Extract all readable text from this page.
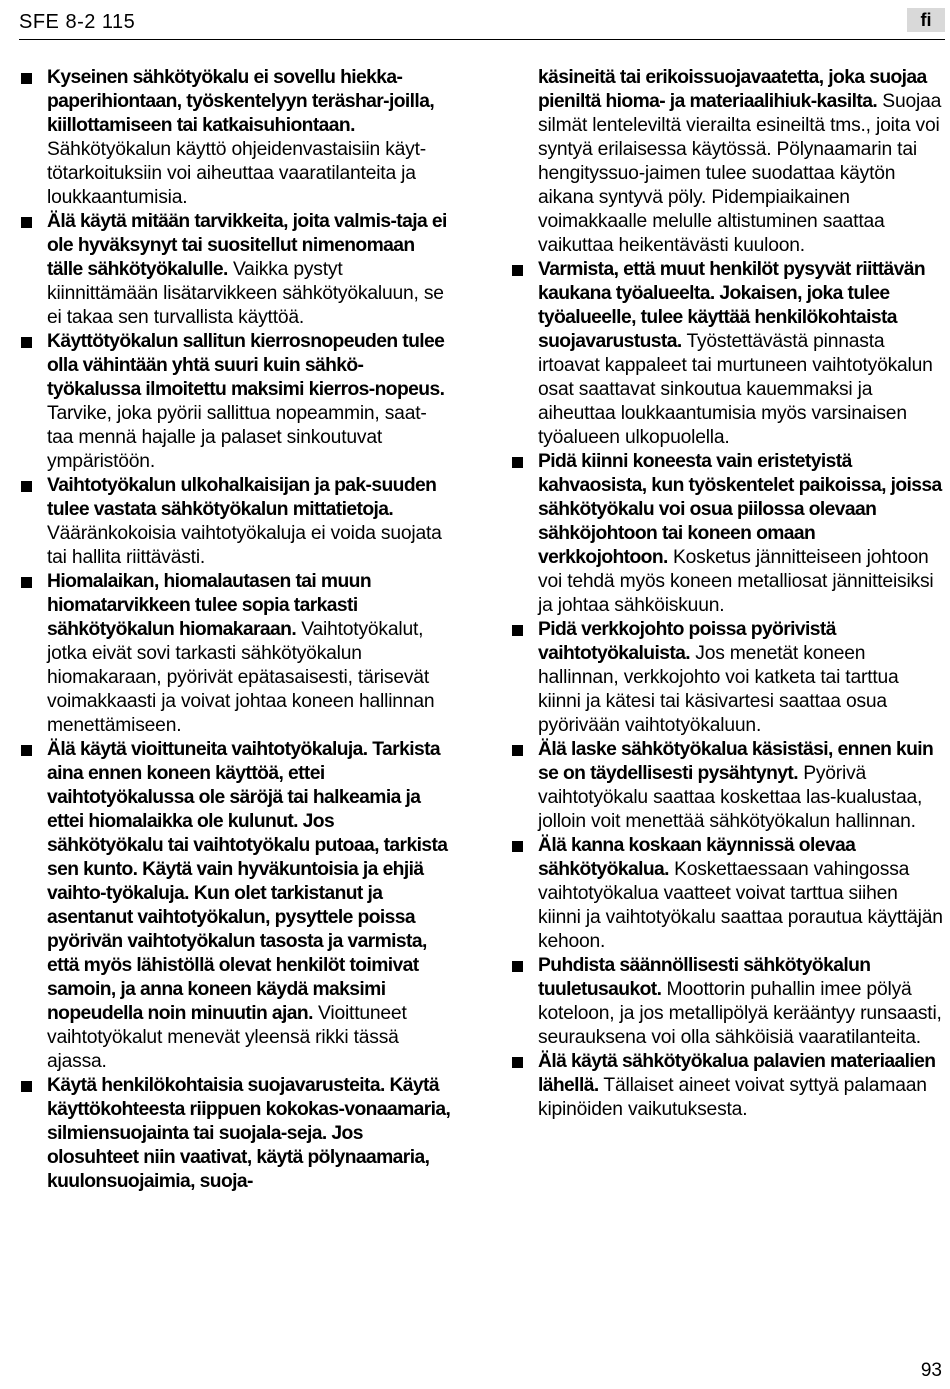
SFE 8-2 115	fi

Kyseinen sähkötyökalu ei sovellu hiekka-paperihiontaan, työskentelyyn teräshar-joilla, kiillottamiseen tai katkaisuhiontaan. Sähkötyökalun käyttö ohjeidenvastaisiin käyt-tötarkoituksiin voi aiheuttaa vaaratilanteita ja loukkaantumisia.

Älä käytä mitään tarvikkeita, joita valmis-taja ei ole hyväksynyt tai suositellut nimenomaan tälle sähkötyökalulle. Vaikka pystyt kiinnittämään lisätarvikkeen sähkötyökaluun, se ei takaa sen turvallista käyttöä.

Käyttötyökalun sallitun kierrosnopeuden tulee olla vähintään yhtä suuri kuin sähkö-työkalussa ilmoitettu maksimi kierros-nopeus. Tarvike, joka pyörii sallittua nopeammin, saat-taa mennä hajalle ja palaset sinkoutuvat ympäristöön.

Vaihtotyökalun ulkohalkaisijan ja pak-suuden tulee vastata sähkötyökalun mittatietoja. Vääränkokoisia vaihtotyökaluja ei voida suojata tai hallita riittävästi.

Hiomalaikan, hiomalautasen tai muun hiomatarvikkeen tulee sopia tarkasti sähkötyökalun hiomakaraan. Vaihtotyökalut, jotka eivät sovi tarkasti sähkötyökalun hiomakaraan, pyörivät epätasaisesti, tärisevät voimakkaasti ja voivat johtaa koneen hallinnan menettämiseen.

Älä käytä vioittuneita vaihtotyökaluja. Tarkista aina ennen koneen käyttöä, ettei vaihtotyökalussa ole säröjä tai halkeamia ja ettei hiomalaikka ole kulunut. Jos sähkötyökalu tai vaihtotyökalu putoaa, tarkista sen kunto. Käytä vain hyväkuntoisia ja ehjiä vaihto-työkaluja. Kun olet tarkistanut ja asentanut vaihtotyökalun, pysyttele poissa pyörivän vaihtotyökalun tasosta ja varmista, että myös lähistöllä olevat henkilöt toimivat samoin, ja anna koneen käydä maksimi nopeudella noin minuutin ajan. Vioittuneet vaihtotyökalut menevät yleensä rikki tässä ajassa.

Käytä henkilökohtaisia suojavarusteita. Käytä käyttökohteesta riippuen kokokas-vonaamaria, silmiensuojainta tai suojala-seja. Jos olosuhteet niin vaativat, käytä pölynaamaria, kuulonsuojaimia, suoja-

käsineitä tai erikoissuojavaatetta, joka suojaa pieniltä hioma- ja materiaalihiuk-kasilta. Suojaa silmät lenteleviltä vierailta esineiltä tms., joita voi syntyä erilaisessa käytössä. Pölynaamarin tai hengityssuo-jaimen tulee suodattaa käytön aikana syntyvä pöly. Pidempiaikainen voimakkaalle melulle altistuminen saattaa vaikuttaa heikentävästi kuuloon.

Varmista, että muut henkilöt pysyvät riittävän kaukana työalueelta. Jokaisen, joka tulee työalueelle, tulee käyttää henkilökohtaista suojavarustusta. Työstettävästä pinnasta irtoavat kappaleet tai murtuneen vaihtotyökalun osat saattavat sinkoutua kauemmaksi ja aiheuttaa loukkaantumisia myös varsinaisen työalueen ulkopuolella.

Pidä kiinni koneesta vain eristetyistä kahvaosista, kun työskentelet paikoissa, joissa sähkötyökalu voi osua piilossa olevaan sähköjohtoon tai koneen omaan verkkojohtoon. Kosketus jännitteiseen johtoon voi tehdä myös koneen metalliosat jännitteisiksi ja johtaa sähköiskuun.

Pidä verkkojohto poissa pyörivistä vaihtotyökaluista. Jos menetät koneen hallinnan, verkkojohto voi katketa tai tarttua kiinni ja kätesi tai käsivartesi saattaa osua pyörivään vaihtotyökaluun.

Älä laske sähkötyökalua käsistäsi, ennen kuin se on täydellisesti pysähtynyt. Pyörivä vaihtotyökalu saattaa koskettaa las-kualustaa, jolloin voit menettää sähkötyökalun hallinnan.

Älä kanna koskaan käynnissä olevaa sähkötyökalua. Koskettaessaan vahingossa vaihtotyökalua vaatteet voivat tarttua siihen kiinni ja vaihtotyökalu saattaa porautua käyttäjän kehoon.

Puhdista säännöllisesti sähkötyökalun tuuletusaukot. Moottorin puhallin imee pölyä koteloon, ja jos metallipölyä kerääntyy runsaasti, seurauksena voi olla sähköisiä vaaratilanteita.

Älä käytä sähkötyökalua palavien materiaalien lähellä. Tällaiset aineet voivat syttyä palamaan kipinöiden vaikutuksesta.

93
